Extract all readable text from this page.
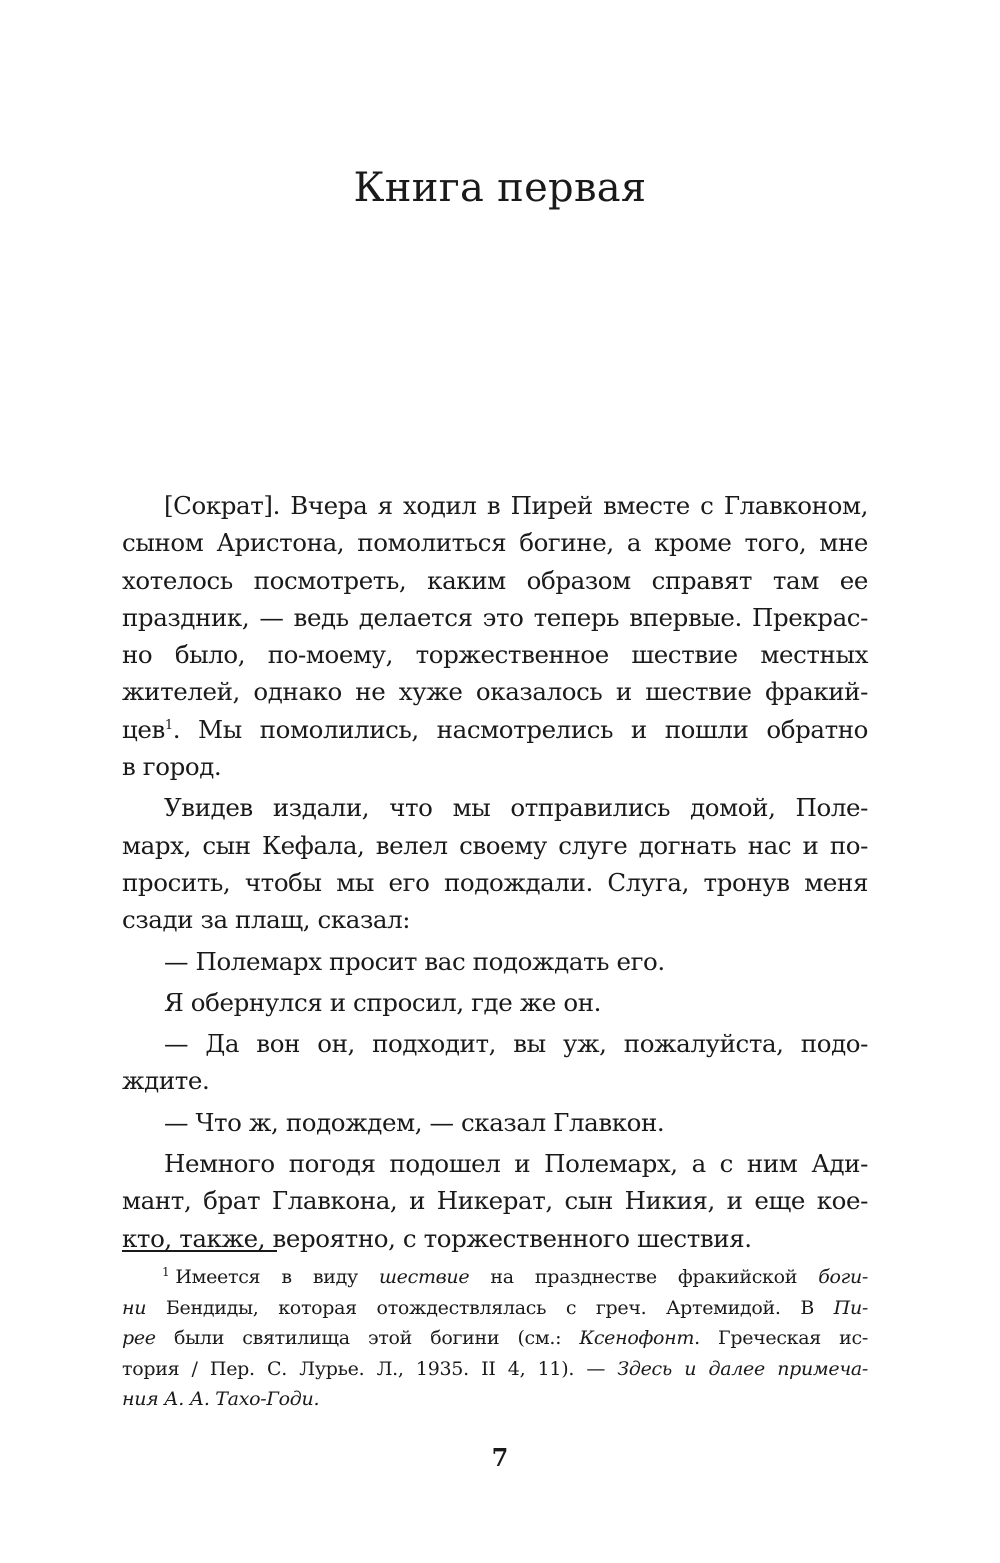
Книга первая
[Сократ]. Вчера я ходил в Пирей вместе с Главконом,
сыном Аристона, помолиться богине, а кроме того, мне
хотелось посмотреть, каким образом справят там ее
праздник, — ведь делается это теперь впервые. Прекрас-
но было, по-моему, торжественное шествие местных
жителей, однако не хуже оказалось и шествие фракий-
цев$^1$. Мы помолились, насмотрелись и пошли обратно
в город.
Увидев издали, что мы отправились домой, Поле-
марх, сын Кефала, велел своему слуге догнать нас и по-
просить, чтобы мы его подождали. Слуга, тронув меня
сзади за плащ, сказал:
— Полемарх просит вас подождать его.
Я обернулся и спросил, где же он.
— Да вон он, подходит, вы уж, пожалуйста, подо-
ждите.
— Что ж, подождем, — сказал Главкон.
Немного погодя подошел и Полемарх, а с ним Ади-
мант, брат Главкона, и Никерат, сын Никия, и еще кое-
кто, также, вероятно, с торжественного шествия.
$^1$ Имеется в виду шествие на празднестве фракийской боги-
ни Бендиды, которая отождествлялась с греч. Артемидой. В Пи-
рее были святилища этой богини (см.: Ксенофонт. Греческая ис-
тория / Пер. С. Лурье. Л., 1935. II 4, 11). — Здесь и далее примеча-
ния А. А. Тахо-Годи.
7
